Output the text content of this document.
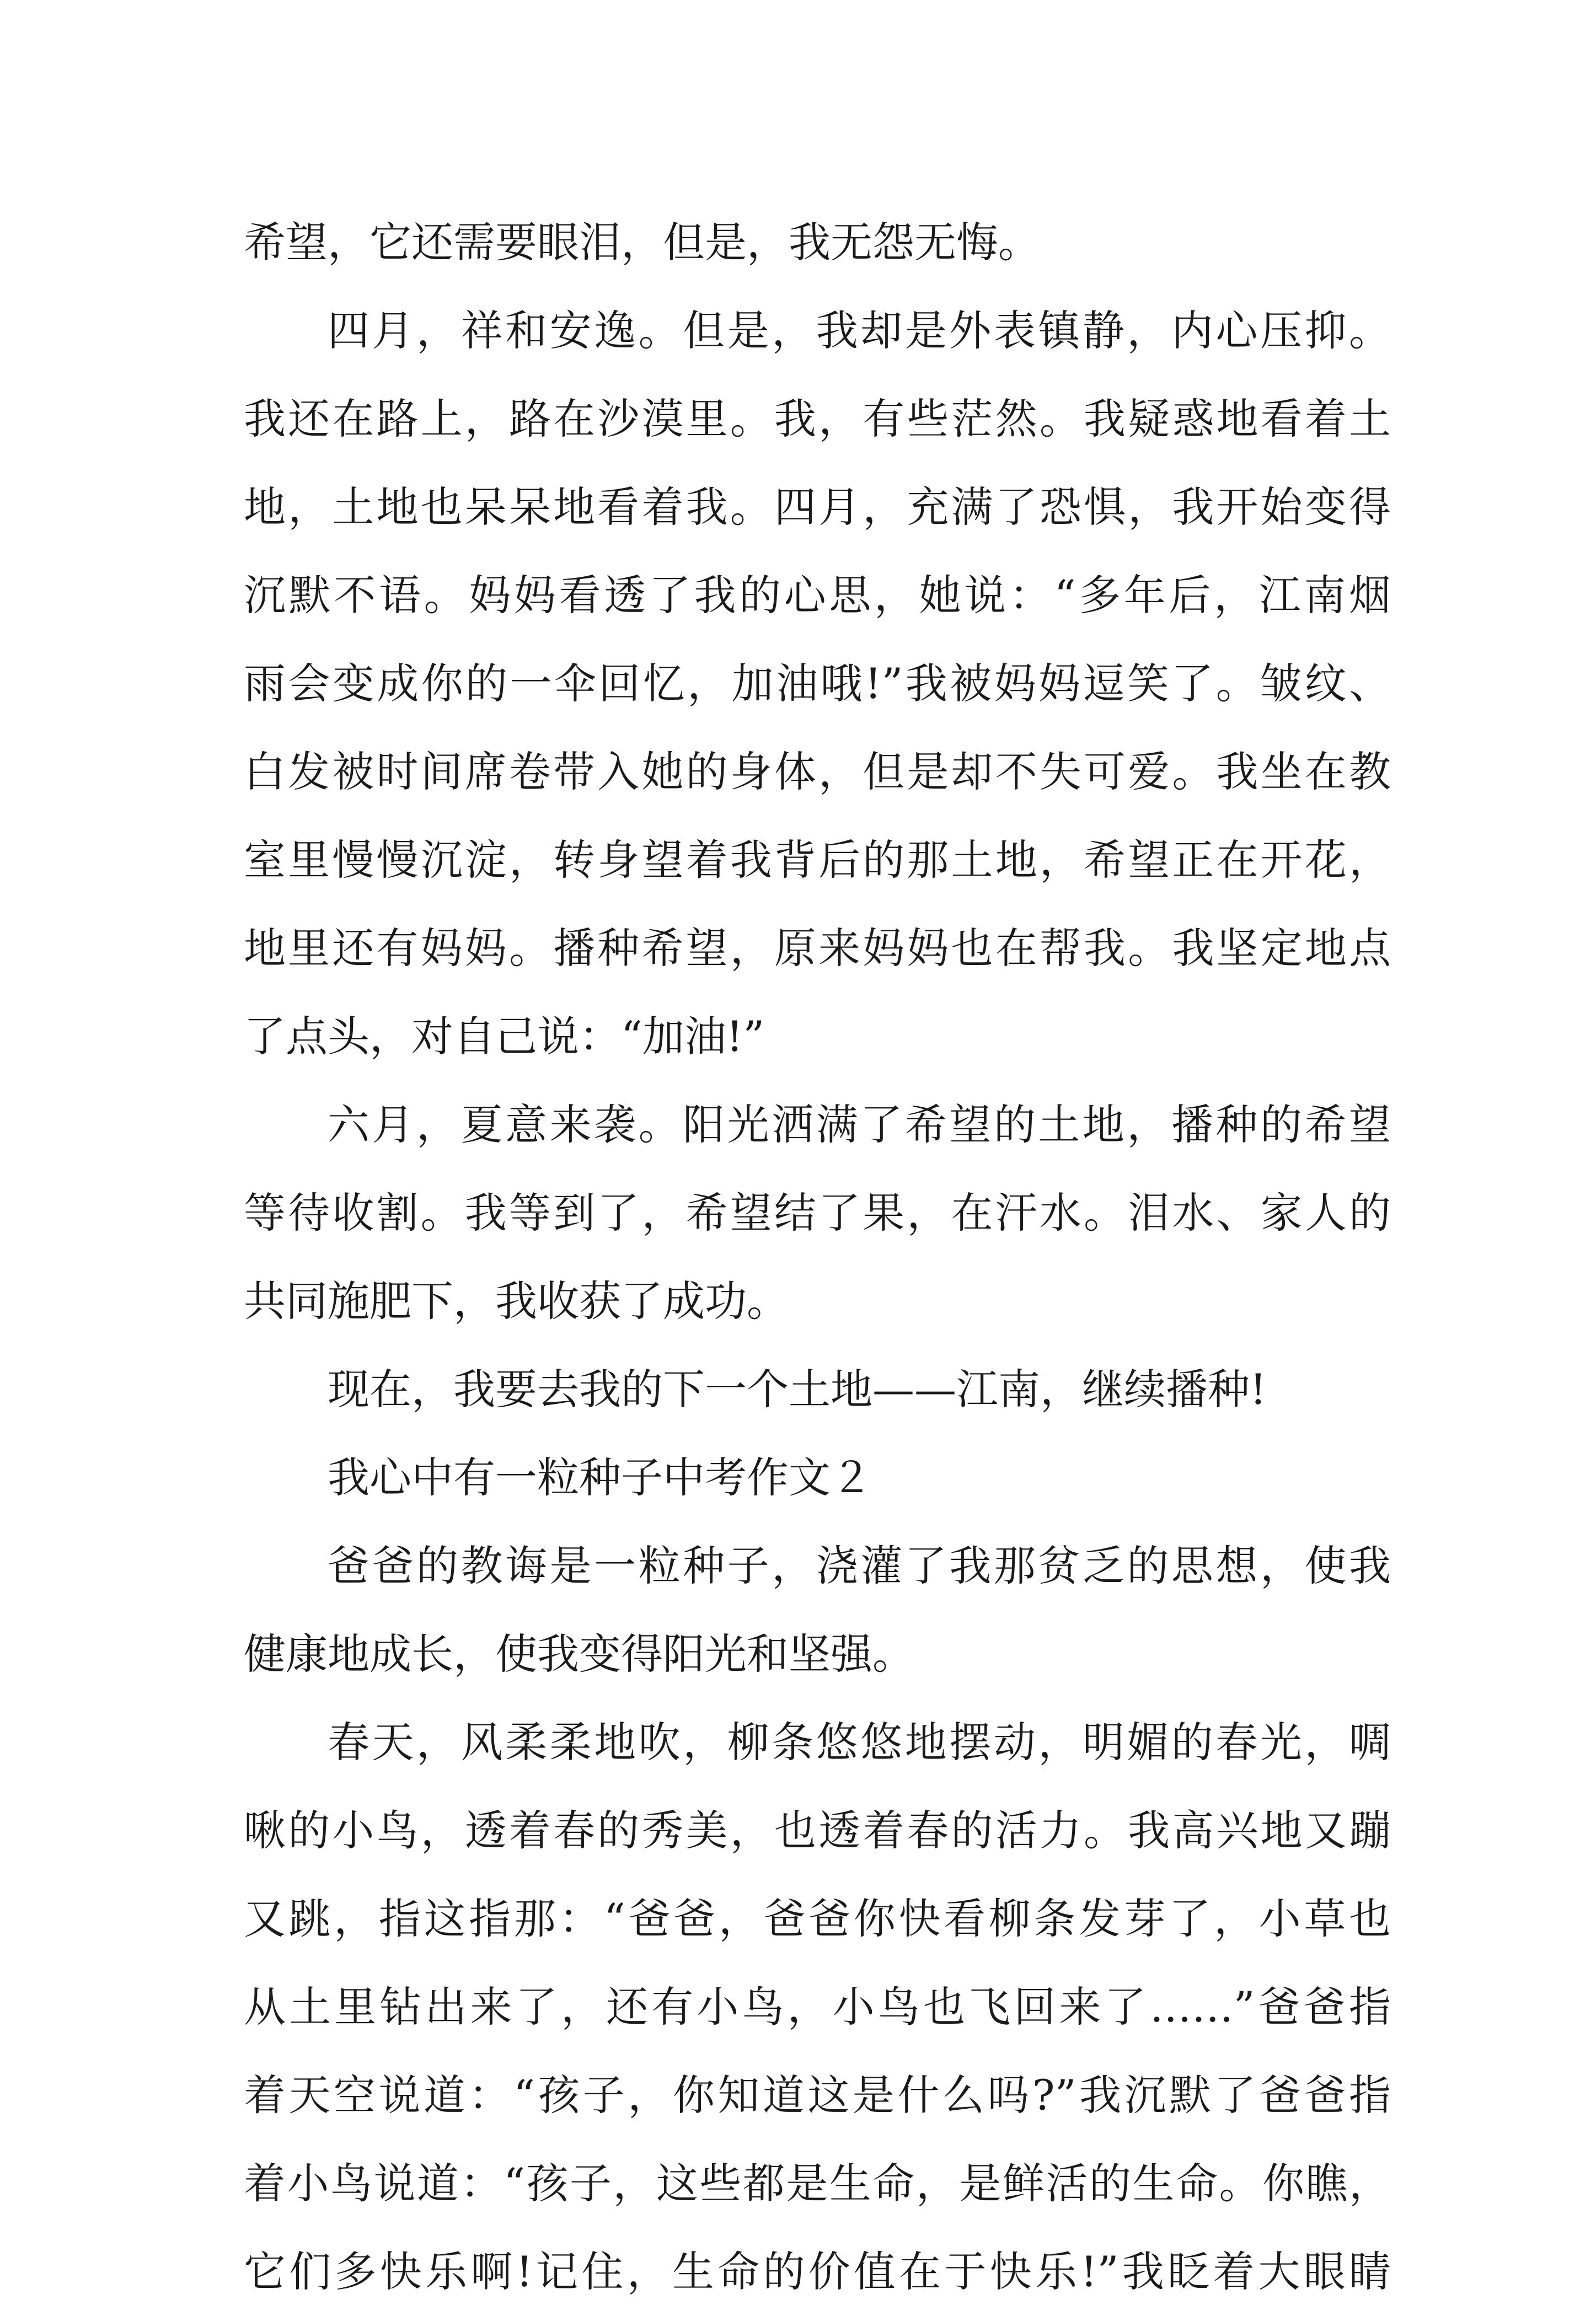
希望，它还需要眼泪，但是，我无怨无悔。

四月，祥和安逸。但是，我却是外表镇静，内心压抑。

我还在路上，路在沙漠里。我，有些茫然。我疑惑地看着土

地，土地也呆呆地看着我。四月，充满了恐惧，我开始变得

沉默不语。妈妈看透了我的心思，她说：“多年后，江南烟

雨会变成你的一伞回忆，加油哦!”我被妈妈逗笑了。皱纹、

白发被时间席卷带入她的身体，但是却不失可爱。我坐在教

室里慢慢沉淀，转身望着我背后的那土地，希望正在开花，

地里还有妈妈。播种希望，原来妈妈也在帮我。我坚定地点

了点头，对自己说：“加油!”

六月，夏意来袭。阳光洒满了希望的土地，播种的希望

等待收割。我等到了，希望结了果，在汗水。泪水、家人的

共同施肥下，我收获了成功。

现在，我要去我的下一个土地——江南，继续播种!

我心中有一粒种子中考作文２

爸爸的教诲是一粒种子，浇灌了我那贫乏的思想，使我

健康地成长，使我变得阳光和坚强。

春天，风柔柔地吹，柳条悠悠地摆动，明媚的春光，啁

啾的小鸟，透着春的秀美，也透着春的活力。我高兴地又蹦

又跳，指这指那：“爸爸，爸爸你快看柳条发芽了，小草也

从土里钻出来了，还有小鸟，小鸟也飞回来了……”爸爸指

着天空说道：“孩子，你知道这是什么吗?”我沉默了爸爸指

着小鸟说道：“孩子，这些都是生命，是鲜活的生命。你瞧，

它们多快乐啊!记住，生命的价值在于快乐!”我眨着大眼睛
